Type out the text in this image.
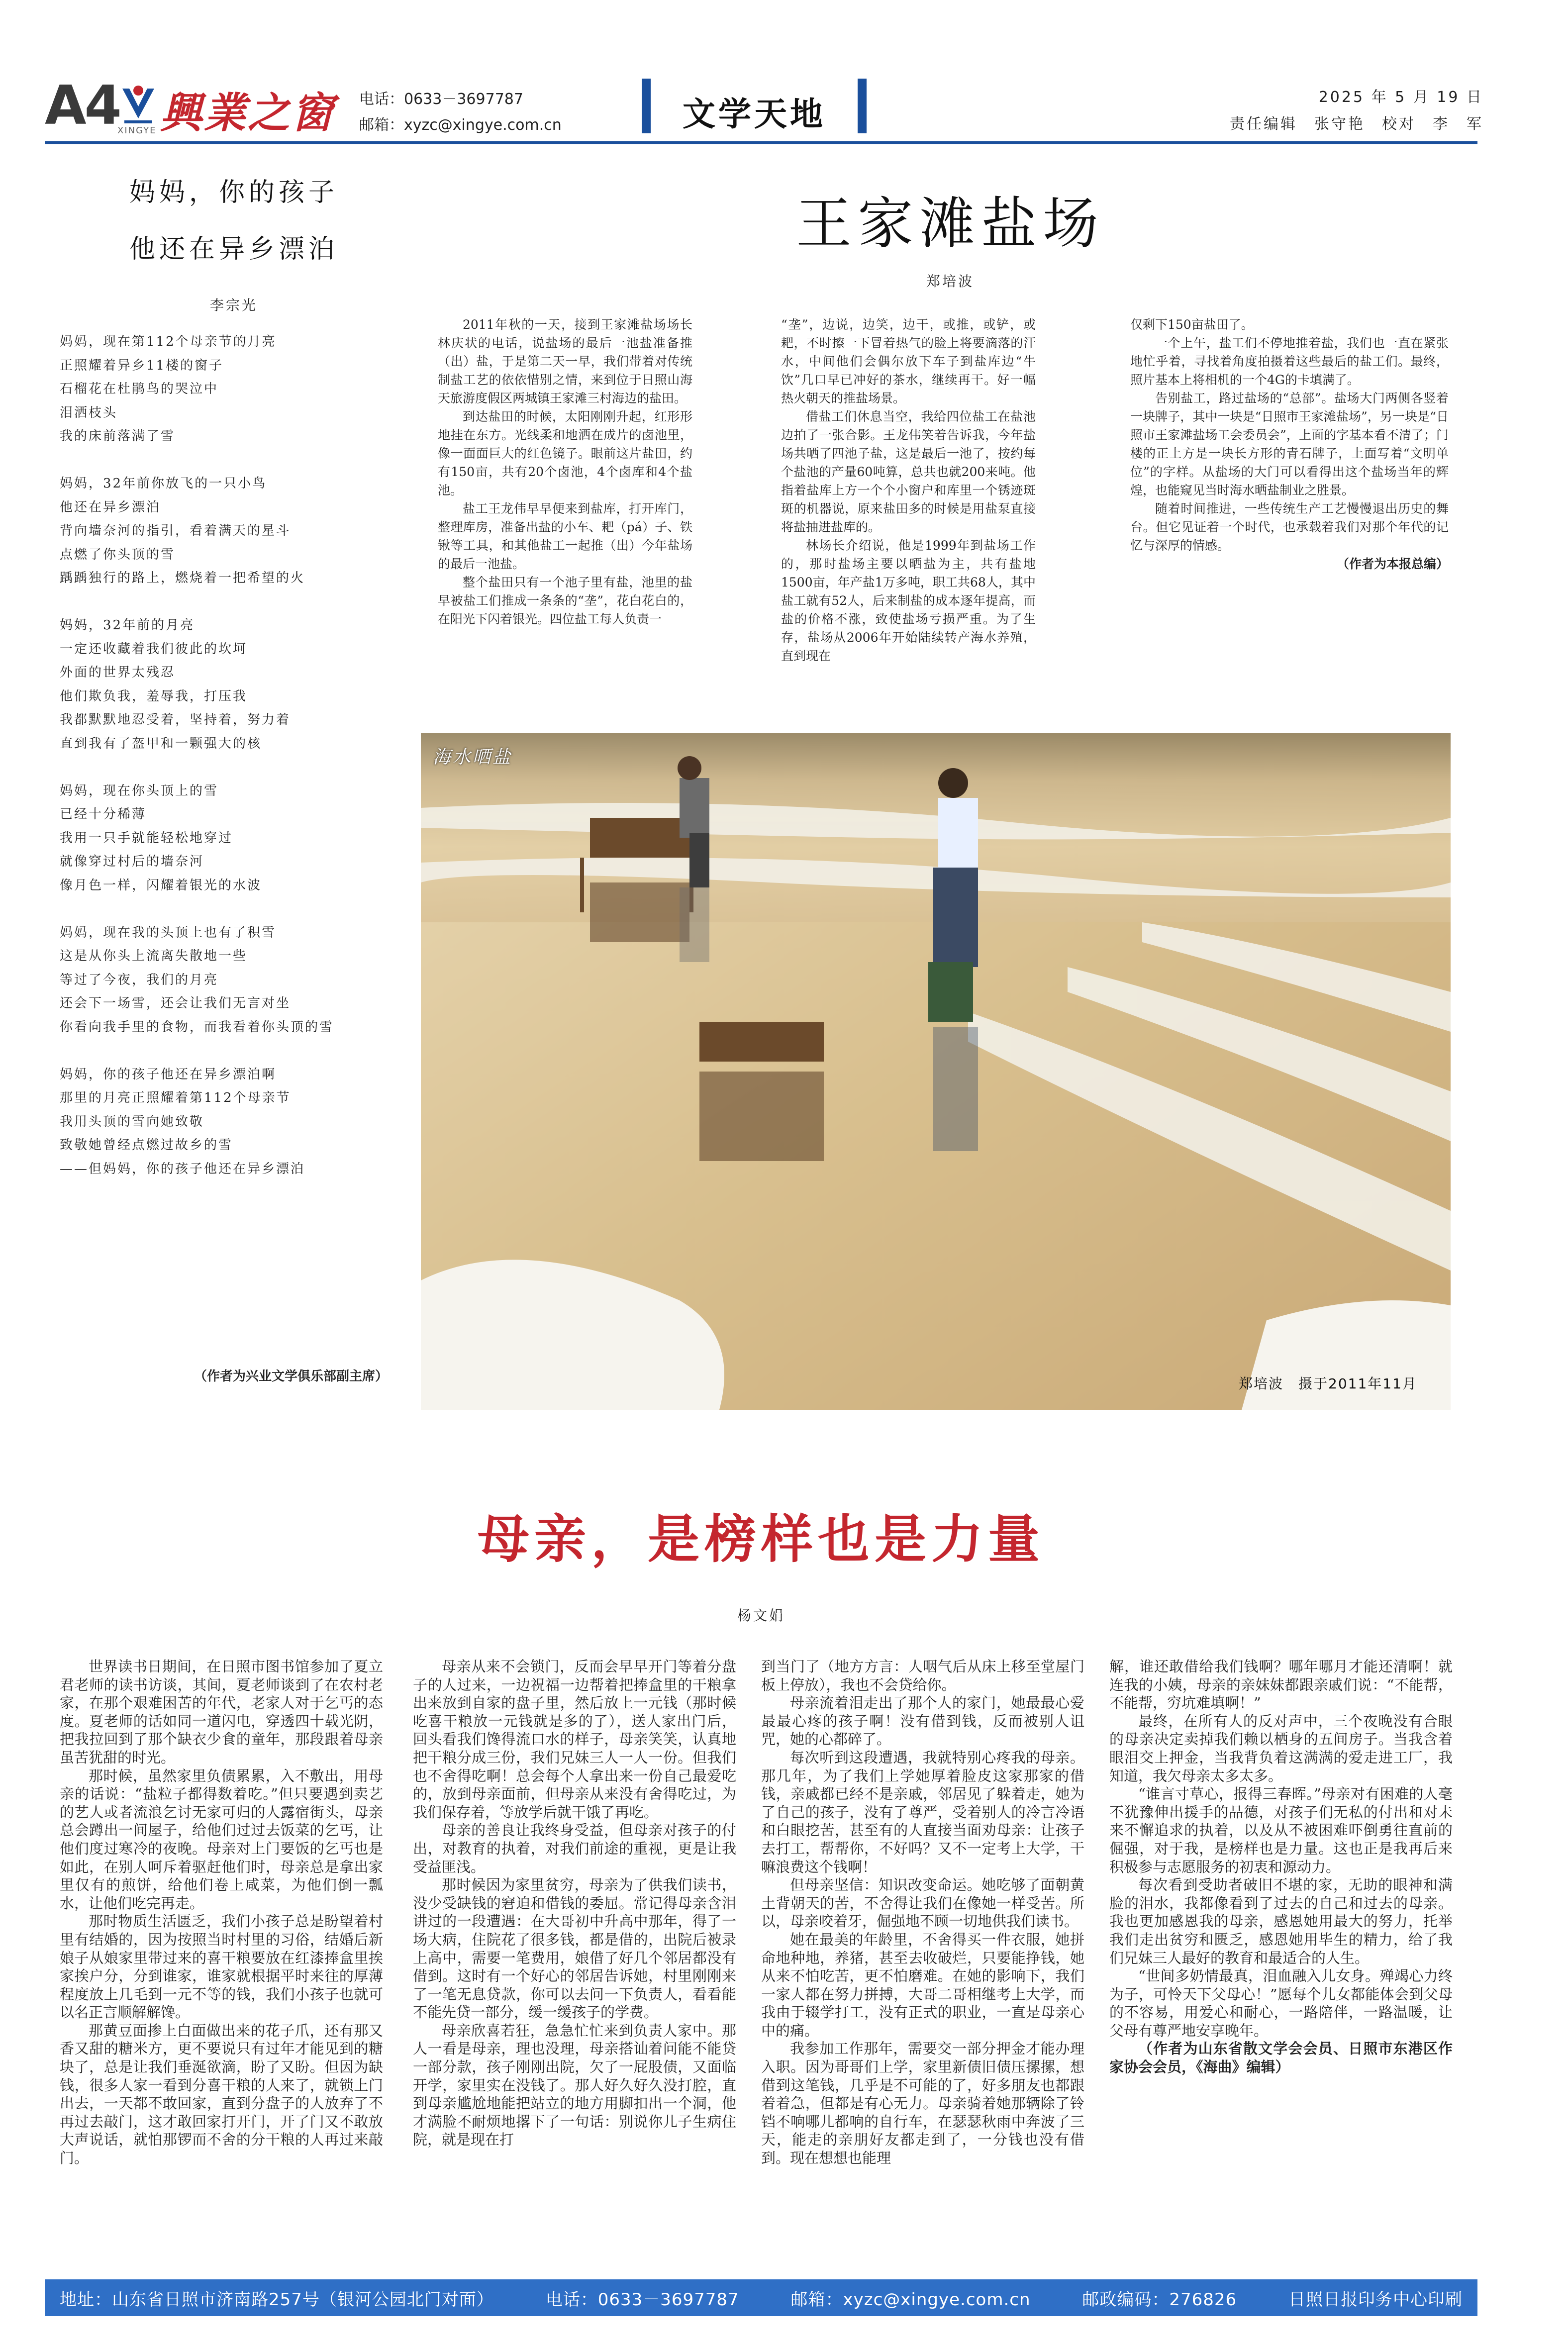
A4 興業之窗
XINGYE
电话：0633－3697787
邮箱：xyzc@xingye.com.cn	文学天地	2025 年 5 月 19 日
责任编辑　张守艳　校对　李　军
妈妈，你的孩子
他还在异乡漂泊
李宗光
妈妈，现在第112个母亲节的月亮
正照耀着异乡11楼的窗子
石榴花在杜鹃鸟的哭泣中
泪洒枝头
我的床前落满了雪
妈妈，32年前你放飞的一只小鸟
他还在异乡漂泊
背向墙奈河的指引，看着满天的星斗
点燃了你头顶的雪
踽踽独行的路上，燃烧着一把希望的火
妈妈，32年前的月亮
一定还收藏着我们彼此的坎坷
外面的世界太残忍
他们欺负我，羞辱我，打压我
我都默默地忍受着，坚持着，努力着
直到我有了盔甲和一颗强大的核
妈妈，现在你头顶上的雪
已经十分稀薄
我用一只手就能轻松地穿过
就像穿过村后的墙奈河
像月色一样，闪耀着银光的水波
妈妈，现在我的头顶上也有了积雪
这是从你头上流离失散地一些
等过了今夜，我们的月亮
还会下一场雪，还会让我们无言对坐
你看向我手里的食物，而我看着你头顶的雪
妈妈，你的孩子他还在异乡漂泊啊
那里的月亮正照耀着第112个母亲节
我用头顶的雪向她致敬
致敬她曾经点燃过故乡的雪
——但妈妈，你的孩子他还在异乡漂泊
（作者为兴业文学俱乐部副主席）
王家滩盐场
郑培波

2011年秋的一天，接到王家滩盐场场长林庆状的电话，说盐场的最后一池盐准备推（出）盐，于是第二天一早，我们带着对传统制盐工艺的依依惜别之情，来到位于日照山海天旅游度假区两城镇王家滩三村海边的盐田。

到达盐田的时候，太阳刚刚升起，红形形地挂在东方。光线柔和地洒在成片的卤池里，像一面面巨大的红色镜子。眼前这片盐田，约有150亩，共有20个卤池，4个卤库和4个盐池。

盐工王龙伟早早便来到盐库，打开库门，整理库房，准备出盐的小车、耙（pá）子、铁锹等工具，和其他盐工一起推（出）今年盐场的最后一池盐。

整个盐田只有一个池子里有盐，池里的盐早被盐工们推成一条条的“垄”，花白花白的，在阳光下闪着银光。四位盐工每人负责一

“垄”，边说，边笑，边干，或推，或铲，或耙，不时擦一下冒着热气的脸上将要滴落的汗水，中间他们会偶尔放下车子到盐库边“牛饮”几口早已冲好的茶水，继续再干。好一幅热火朝天的推盐场景。

借盐工们休息当空，我给四位盐工在盐池边拍了一张合影。王龙伟笑着告诉我，今年盐场共晒了四池子盐，这是最后一池了，按约每个盐池的产量60吨算，总共也就200来吨。他指着盐库上方一个个小窗户和库里一个锈迹斑斑的机器说，原来盐田多的时候是用盐泵直接将盐抽进盐库的。

林场长介绍说，他是1999年到盐场工作的，那时盐场主要以晒盐为主，共有盐地1500亩，年产盐1万多吨，职工共68人，其中盐工就有52人，后来制盐的成本逐年提高，而盐的价格不涨，致使盐场亏损严重。为了生存，盐场从2006年开始陆续转产海水养殖，直到现在

仅剩下150亩盐田了。

一个上午，盐工们不停地推着盐，我们也一直在紧张地忙乎着，寻找着角度拍摄着这些最后的盐工们。最终，照片基本上将相机的一个4G的卡填满了。

告别盐工，路过盐场的“总部”。盐场大门两侧各竖着一块牌子，其中一块是“日照市王家滩盐场”，另一块是“日照市王家滩盐场工会委员会”，上面的字基本看不清了；门楼的正上方是一块长方形的青石牌子，上面写着“文明单位”的字样。从盐场的大门可以看得出这个盐场当年的辉煌，也能窥见当时海水晒盐制业之胜景。

随着时间推进，一些传统生产工艺慢慢退出历史的舞台。但它见证着一个时代，也承载着我们对那个年代的记忆与深厚的情感。

（作者为本报总编）

海水晒盐
郑培波　摄于2011年11月
母亲，是榜样也是力量
杨文娟

世界读书日期间，在日照市图书馆参加了夏立君老师的读书访谈，其间，夏老师谈到了在农村老家，在那个艰难困苦的年代，老家人对于乞丐的态度。夏老师的话如同一道闪电，穿透四十载光阴，把我拉回到了那个缺衣少食的童年，那段跟着母亲虽苦犹甜的时光。

那时候，虽然家里负债累累，入不敷出，用母亲的话说：“盐粒子都得数着吃。”但只要遇到卖艺的艺人或者流浪乞讨无家可归的人露宿街头，母亲总会蹲出一间屋子，给他们过过去饭菜的乞丐，让他们度过寒冷的夜晚。母亲对上门要饭的乞丐也是如此，在别人呵斥着驱赶他们时，母亲总是拿出家里仅有的煎饼，给他们卷上咸菜，为他们倒一瓢水，让他们吃完再走。

那时物质生活匮乏，我们小孩子总是盼望着村里有结婚的，因为按照当时村里的习俗，结婚后新娘子从娘家里带过来的喜干粮要放在红漆捧盒里挨家挨户分，分到谁家，谁家就根据平时来往的厚薄程度放上几毛到一元不等的钱，我们小孩子也就可以名正言顺解解馋。

那黄豆面掺上白面做出来的花子爪，还有那又香又甜的糖米方，更不要说只有过年才能见到的糖块了，总是让我们垂涎欲滴，盼了又盼。但因为缺钱，很多人家一看到分喜干粮的人来了，就锁上门出去，一天都不敢回家，直到分盘子的人放弃了不再过去敲门，这才敢回家打开门，开了门又不敢放大声说话，就怕那锣而不舍的分干粮的人再过来敲门。

母亲从来不会锁门，反而会早早开门等着分盘子的人过来，一边祝福一边帮着把捧盒里的干粮拿出来放到自家的盘子里，然后放上一元钱（那时候吃喜干粮放一元钱就是多的了），送人家出门后，回头看我们馋得流口水的样子，母亲笑笑，认真地把干粮分成三份，我们兄妹三人一人一份。但我们也不舍得吃啊！总会每个人拿出来一份自己最爱吃的，放到母亲面前，但母亲从来没有舍得吃过，为我们保存着，等放学后就干饿了再吃。

母亲的善良让我终身受益，但母亲对孩子的付出，对教育的执着，对我们前途的重视，更是让我受益匪浅。

那时候因为家里贫穷，母亲为了供我们读书，没少受缺钱的窘迫和借钱的委屈。常记得母亲含泪讲过的一段遭遇：在大哥初中升高中那年，得了一场大病，住院花了很多钱，都是借的，出院后被录上高中，需要一笔费用，娘借了好几个邻居都没有借到。这时有一个好心的邻居告诉她，村里刚刚来了一笔无息贷款，你可以去问一下负责人，看看能不能先贷一部分，缓一缓孩子的学费。

母亲欣喜若狂，急急忙忙来到负责人家中。那人一看是母亲，理也没理，母亲搭讪着问能不能贷一部分款，孩子刚刚出院，欠了一屁股债，又面临开学，家里实在没钱了。那人好久好久没打腔，直到母亲尴尬地能把站立的地方用脚扣出一个洞，他才满脸不耐烦地撂下了一句话：别说你儿子生病住院，就是现在打

到当门了（地方方言：人咽气后从床上移至堂屋门板上停放），我也不会贷给你。

母亲流着泪走出了那个人的家门，她最最心爱最最心疼的孩子啊！没有借到钱，反而被别人诅咒，她的心都碎了。

每次听到这段遭遇，我就特别心疼我的母亲。那几年，为了我们上学她厚着脸皮这家那家的借钱，亲戚都已经不是亲戚，邻居见了躲着走，她为了自己的孩子，没有了尊严，受着别人的冷言冷语和白眼挖苦，甚至有的人直接当面劝母亲：让孩子去打工，帮帮你，不好吗？又不一定考上大学，干嘛浪费这个钱啊！

但母亲坚信：知识改变命运。她吃够了面朝黄土背朝天的苦，不舍得让我们在像她一样受苦。所以，母亲咬着牙，倔强地不顾一切地供我们读书。

她在最美的年龄里，不舍得买一件衣服，她拼命地种地，养猪，甚至去收破烂，只要能挣钱，她从来不怕吃苦，更不怕磨难。在她的影响下，我们一家人都在努力拼搏，大哥二哥相继考上大学，而我由于辍学打工，没有正式的职业，一直是母亲心中的痛。

我参加工作那年，需要交一部分押金才能办理入职。因为哥哥们上学，家里新债旧债压摞摞，想借到这笔钱，几乎是不可能的了，好多朋友也都跟着着急，但都是有心无力。母亲骑着她那辆除了铃铛不响哪儿都响的自行车，在瑟瑟秋雨中奔波了三天，能走的亲朋好友都走到了，一分钱也没有借到。现在想想也能理

解，谁还敢借给我们钱啊？哪年哪月才能还清啊！就连我的小姨，母亲的亲妹妹都跟亲戚们说：“不能帮，不能帮，穷坑难填啊！”

最终，在所有人的反对声中，三个夜晚没有合眼的母亲决定卖掉我们赖以栖身的五间房子。当我含着眼泪交上押金，当我背负着这满满的爱走进工厂，我知道，我欠母亲太多太多。

“谁言寸草心，报得三春晖。”母亲对有困难的人毫不犹豫伸出援手的品德，对孩子们无私的付出和对未来不懈追求的执着，以及从不被困难吓倒勇往直前的倔强，对于我，是榜样也是力量。这也正是我再后来积极参与志愿服务的初衷和源动力。

每次看到受助者破旧不堪的家，无助的眼神和满脸的泪水，我都像看到了过去的自己和过去的母亲。我也更加感恩我的母亲，感恩她用最大的努力，托举我们走出贫穷和匮乏，感恩她用毕生的精力，给了我们兄妹三人最好的教育和最适合的人生。

“世间多奶情最真，泪血融入儿女身。殚竭心力终为子，可怜天下父母心！”愿每个儿女都能体会到父母的不容易，用爱心和耐心，一路陪伴，一路温暖，让父母有尊严地安享晚年。

（作者为山东省散文学会会员、日照市东港区作家协会会员，《海曲》编辑）

地址：山东省日照市济南路257号（银河公园北门对面）	电话：0633－3697787	邮箱：xyzc@xingye.com.cn	邮政编码：276826	日照日报印务中心印刷
